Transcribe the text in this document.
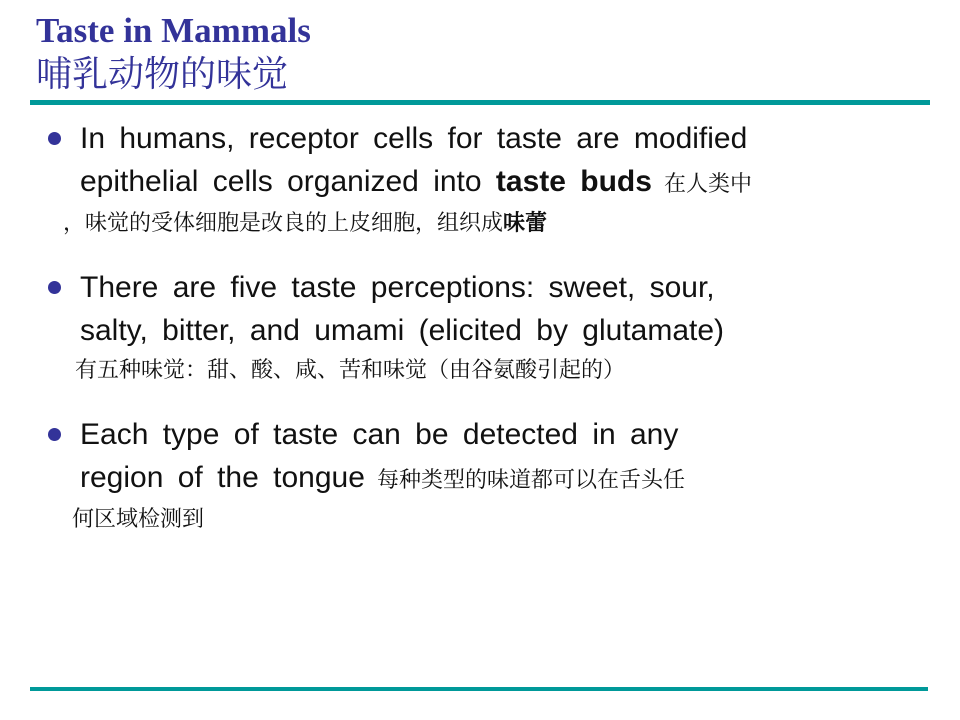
Taste in Mammals
哺乳动物的味觉
In humans, receptor cells for taste are modified
epithelial cells organized into taste buds 在人类中
，味觉的受体细胞是改良的上皮细胞，组织成味蕾
There are five taste perceptions: sweet, sour,
salty, bitter, and umami (elicited by glutamate)
有五种味觉：甜、酸、咸、苦和味觉（由谷氨酸引起的）
Each type of taste can be detected in any
region of the tongue 每种类型的味道都可以在舌头任
何区域检测到
